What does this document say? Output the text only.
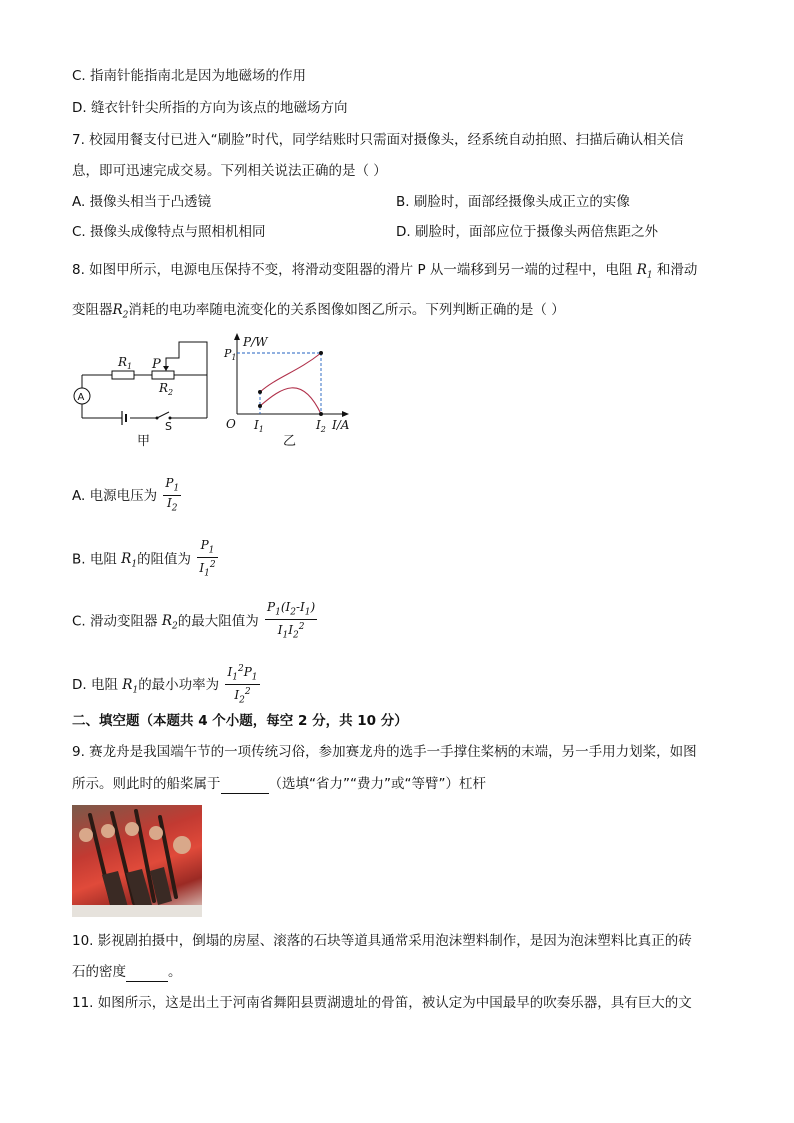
C. 指南针能指南北是因为地磁场的作用
D. 缝衣针针尖所指的方向为该点的地磁场方向
7. 校园用餐支付已进入“刷脸”时代，同学结账时只需面对摄像头，经系统自动拍照、扫描后确认相关信
息，即可迅速完成交易。下列相关说法正确的是（ ）
A. 摄像头相当于凸透镜	B. 刷脸时，面部经摄像头成正立的实像
C. 摄像头成像特点与照相机相同	D. 刷脸时，面部应位于摄像头两倍焦距之外
8. 如图甲所示，电源电压保持不变，将滑动变阻器的滑片 P 从一端移到另一端的过程中，电阻 $R_1$ 和滑动
变阻器$R_2$消耗的电功率随电流变化的关系图像如图乙所示。下列判断正确的是（ ）
$R_1$ P
$R_2$
A
S
甲
P/W
$P_1$
O $I_1$	$I_2$ I/A
乙
A. 电源电压为 $\frac{P_1}{I_2}$
B. 电阻 $R_1$的阻值为 $\frac{P_1}{I_1^2}$
C. 滑动变阻器 $R_2$的最大阻值为 $\frac{P_1(I_2-I_1)}{I_1I_2^2}$
D. 电阻 $R_1$的最小功率为 $\frac{I_1^2P_1}{I_2^2}$
二、填空题（本题共 4 个小题，每空 2 分，共 10 分）
9. 赛龙舟是我国端午节的一项传统习俗，参加赛龙舟的选手一手撑住桨柄的末端，另一手用力划桨，如图
所示。则此时的船桨属于	（选填“省力”“费力”或“等臂”）杠杆
10. 影视剧拍摄中，倒塌的房屋、滚落的石块等道具通常采用泡沫塑料制作，是因为泡沫塑料比真正的砖
石的密度	。
11. 如图所示，这是出土于河南省舞阳县贾湖遗址的骨笛，被认定为中国最早的吹奏乐器，具有巨大的文
